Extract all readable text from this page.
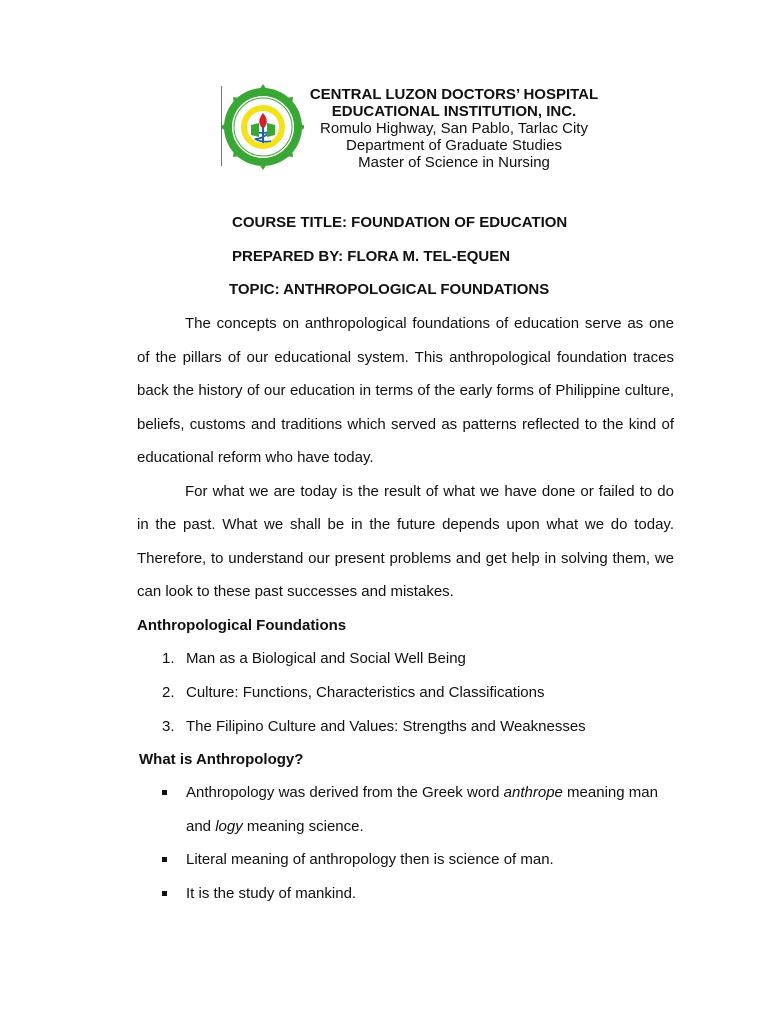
CENTRAL LUZON DOCTORS’ HOSPITAL
EDUCATIONAL INSTITUTION, INC.
Romulo Highway, San Pablo, Tarlac City
Department of Graduate Studies
Master of Science in Nursing
COURSE TITLE: FOUNDATION OF EDUCATION
PREPARED BY: FLORA M. TEL-EQUEN
TOPIC: ANTHROPOLOGICAL FOUNDATIONS

The concepts on anthropological foundations of education serve as one of the pillars of our educational system. This anthropological foundation traces back the history of our education in terms of the early forms of Philippine culture, beliefs, customs and traditions which served as patterns reflected to the kind of educational reform who have today.

For what we are today is the result of what we have done or failed to do in the past. What we shall be in the future depends upon what we do today. Therefore, to understand our present problems and get help in solving them, we can look to these past successes and mistakes.

Anthropological Foundations
1. Man as a Biological and Social Well Being
2. Culture: Functions, Characteristics and Classifications
3. The Filipino Culture and Values: Strengths and Weaknesses
What is Anthropology?
Anthropology was derived from the Greek word anthrope meaning man
and logy meaning science.
Literal meaning of anthropology then is science of man.
It is the study of mankind.
